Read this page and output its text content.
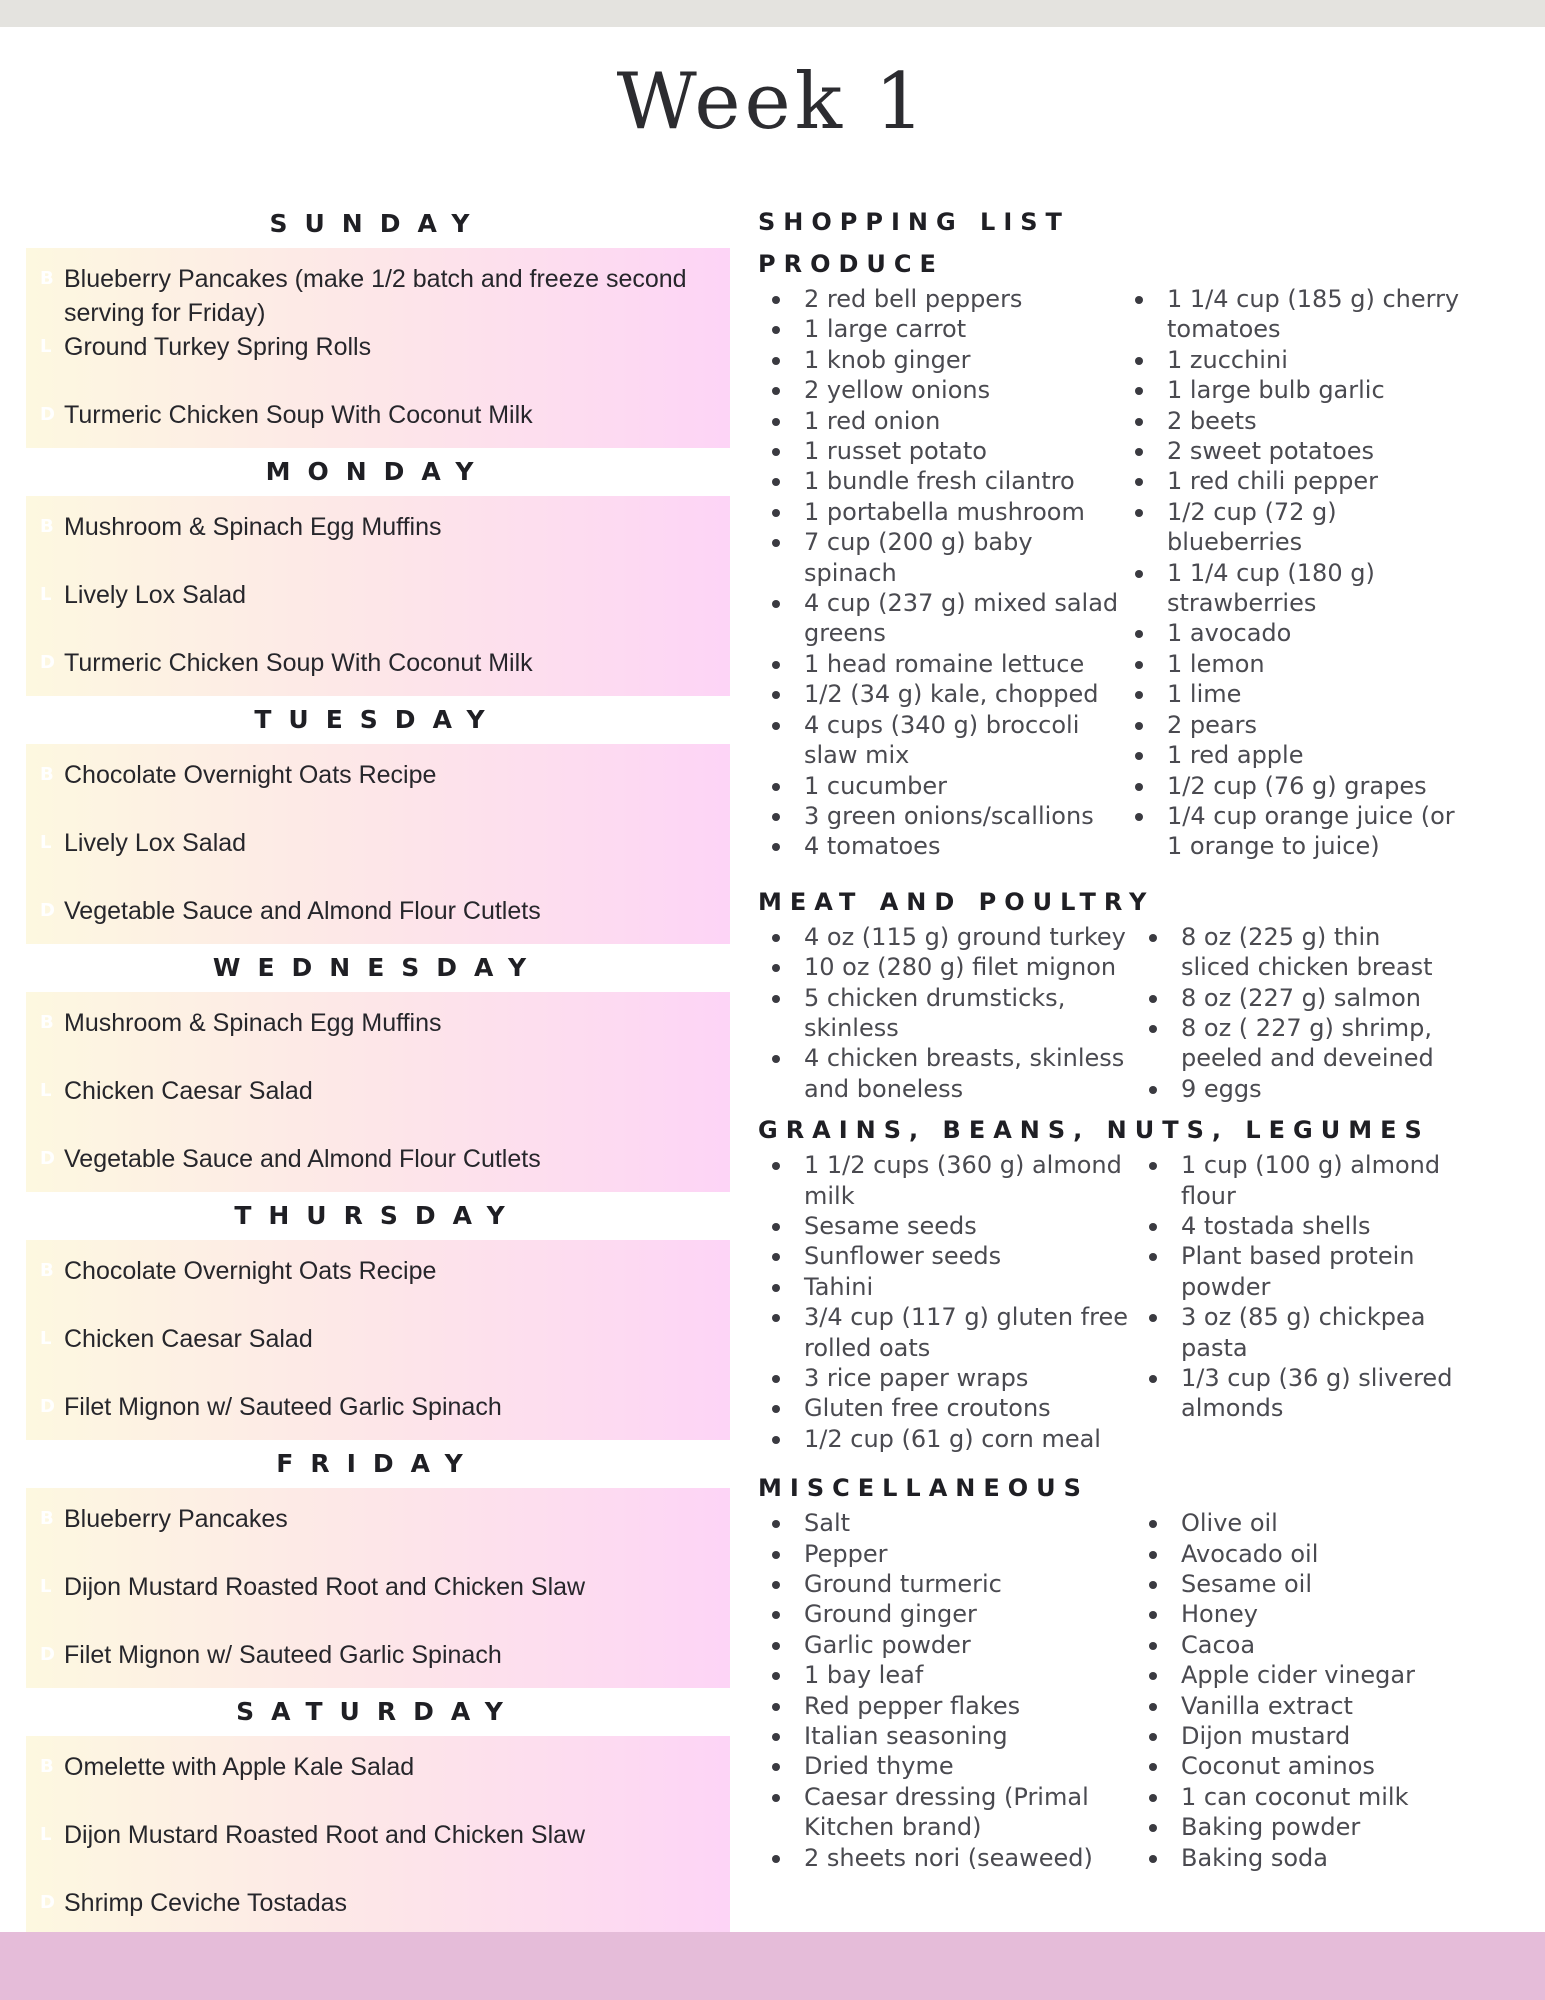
Week 1
SUNDAY
B Blueberry Pancakes (make 1/2 batch and freeze second serving for Friday)
L Ground Turkey Spring Rolls
D Turmeric Chicken Soup With Coconut Milk
MONDAY
B Mushroom & Spinach Egg Muffins
L Lively Lox Salad
D Turmeric Chicken Soup With Coconut Milk
TUESDAY
B Chocolate Overnight Oats Recipe
L Lively Lox Salad
D Vegetable Sauce and Almond Flour Cutlets
WEDNESDAY
B Mushroom & Spinach Egg Muffins
L Chicken Caesar Salad
D Vegetable Sauce and Almond Flour Cutlets
THURSDAY
B Chocolate Overnight Oats Recipe
L Chicken Caesar Salad
D Filet Mignon w/ Sauteed Garlic Spinach
FRIDAY
B Blueberry Pancakes
L Dijon Mustard Roasted Root and Chicken Slaw
D Filet Mignon w/ Sauteed Garlic Spinach
SATURDAY
B Omelette with Apple Kale Salad
L Dijon Mustard Roasted Root and Chicken Slaw
D Shrimp Ceviche Tostadas
SHOPPING LIST
PRODUCE
2 red bell peppers
1 large carrot
1 knob ginger
2 yellow onions
1 red onion
1 russet potato
1 bundle fresh cilantro
1 portabella mushroom
7 cup (200 g) baby spinach
4 cup (237 g) mixed salad greens
1 head romaine lettuce
1/2 (34 g) kale, chopped
4 cups (340 g) broccoli slaw mix
1 cucumber
3 green onions/scallions
4 tomatoes
1 1/4 cup (185 g) cherry tomatoes
1 zucchini
1 large bulb garlic
2 beets
2 sweet potatoes
1 red chili pepper
1/2 cup (72 g) blueberries
1 1/4 cup (180 g) strawberries
1 avocado
1 lemon
1 lime
2 pears
1 red apple
1/2 cup (76 g) grapes
1/4 cup orange juice (or 1 orange to juice)
MEAT AND POULTRY
4 oz (115 g) ground turkey
10 oz (280 g) filet mignon
5 chicken drumsticks, skinless
4 chicken breasts, skinless and boneless
8 oz (225 g) thin sliced chicken breast
8 oz (227 g) salmon
8 oz ( 227 g) shrimp, peeled and deveined
9 eggs
GRAINS, BEANS, NUTS, LEGUMES
1 1/2 cups (360 g) almond milk
Sesame seeds
Sunflower seeds
Tahini
3/4 cup (117 g) gluten free rolled oats
3 rice paper wraps
Gluten free croutons
1/2 cup (61 g) corn meal
1 cup (100 g) almond flour
4 tostada shells
Plant based protein powder
3 oz (85 g) chickpea pasta
1/3 cup (36 g) slivered almonds
MISCELLANEOUS
Salt
Pepper
Ground turmeric
Ground ginger
Garlic powder
1 bay leaf
Red pepper flakes
Italian seasoning
Dried thyme
Caesar dressing (Primal Kitchen brand)
2 sheets nori (seaweed)
Olive oil
Avocado oil
Sesame oil
Honey
Cacoa
Apple cider vinegar
Vanilla extract
Dijon mustard
Coconut aminos
1 can coconut milk
Baking powder
Baking soda
